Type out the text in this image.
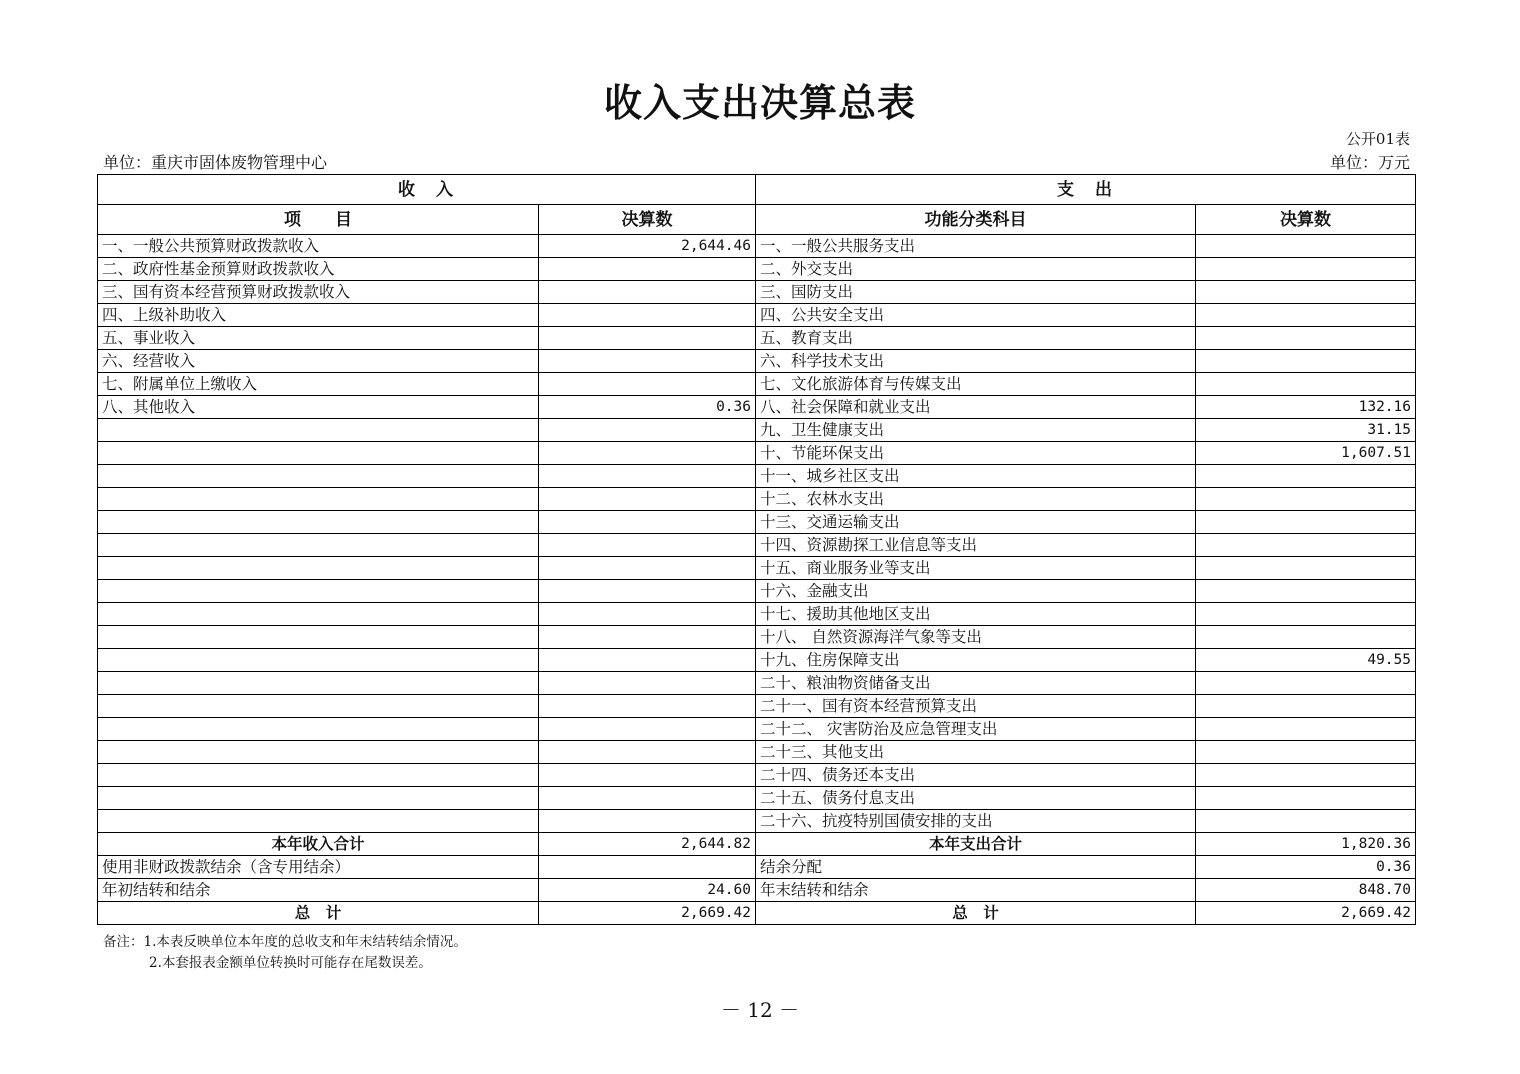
收入支出决算总表
公开01表
单位：重庆市固体废物管理中心	单位：万元
收　入		支　出	
项　　目	决算数	功能分类科目	决算数
一、一般公共预算财政拨款收入	2,644.46	一、一般公共服务支出	
二、政府性基金预算财政拨款收入		二、外交支出	
三、国有资本经营预算财政拨款收入		三、国防支出	
四、上级补助收入		四、公共安全支出	
五、事业收入		五、教育支出	
六、经营收入		六、科学技术支出	
七、附属单位上缴收入		七、文化旅游体育与传媒支出	
八、其他收入	0.36	八、社会保障和就业支出	132.16
		九、卫生健康支出	31.15
		十、节能环保支出	1,607.51
		十一、城乡社区支出	
		十二、农林水支出	
		十三、交通运输支出	
		十四、资源勘探工业信息等支出	
		十五、商业服务业等支出	
		十六、金融支出	
		十七、援助其他地区支出	
		十八、 自然资源海洋气象等支出	
		十九、住房保障支出	49.55
		二十、粮油物资储备支出	
		二十一、国有资本经营预算支出	
		二十二、 灾害防治及应急管理支出	
		二十三、其他支出	
		二十四、债务还本支出	
		二十五、债务付息支出	
		二十六、抗疫特别国债安排的支出	
本年收入合计	2,644.82	本年支出合计	1,820.36
使用非财政拨款结余（含专用结余）		结余分配	0.36
年初结转和结余	24.60	年末结转和结余	848.70
总　计	2,669.42	总　计	2,669.42
备注：1.本表反映单位本年度的总收支和年末结转结余情况。
2.本套报表金额单位转换时可能存在尾数误差。
－ 12 －
